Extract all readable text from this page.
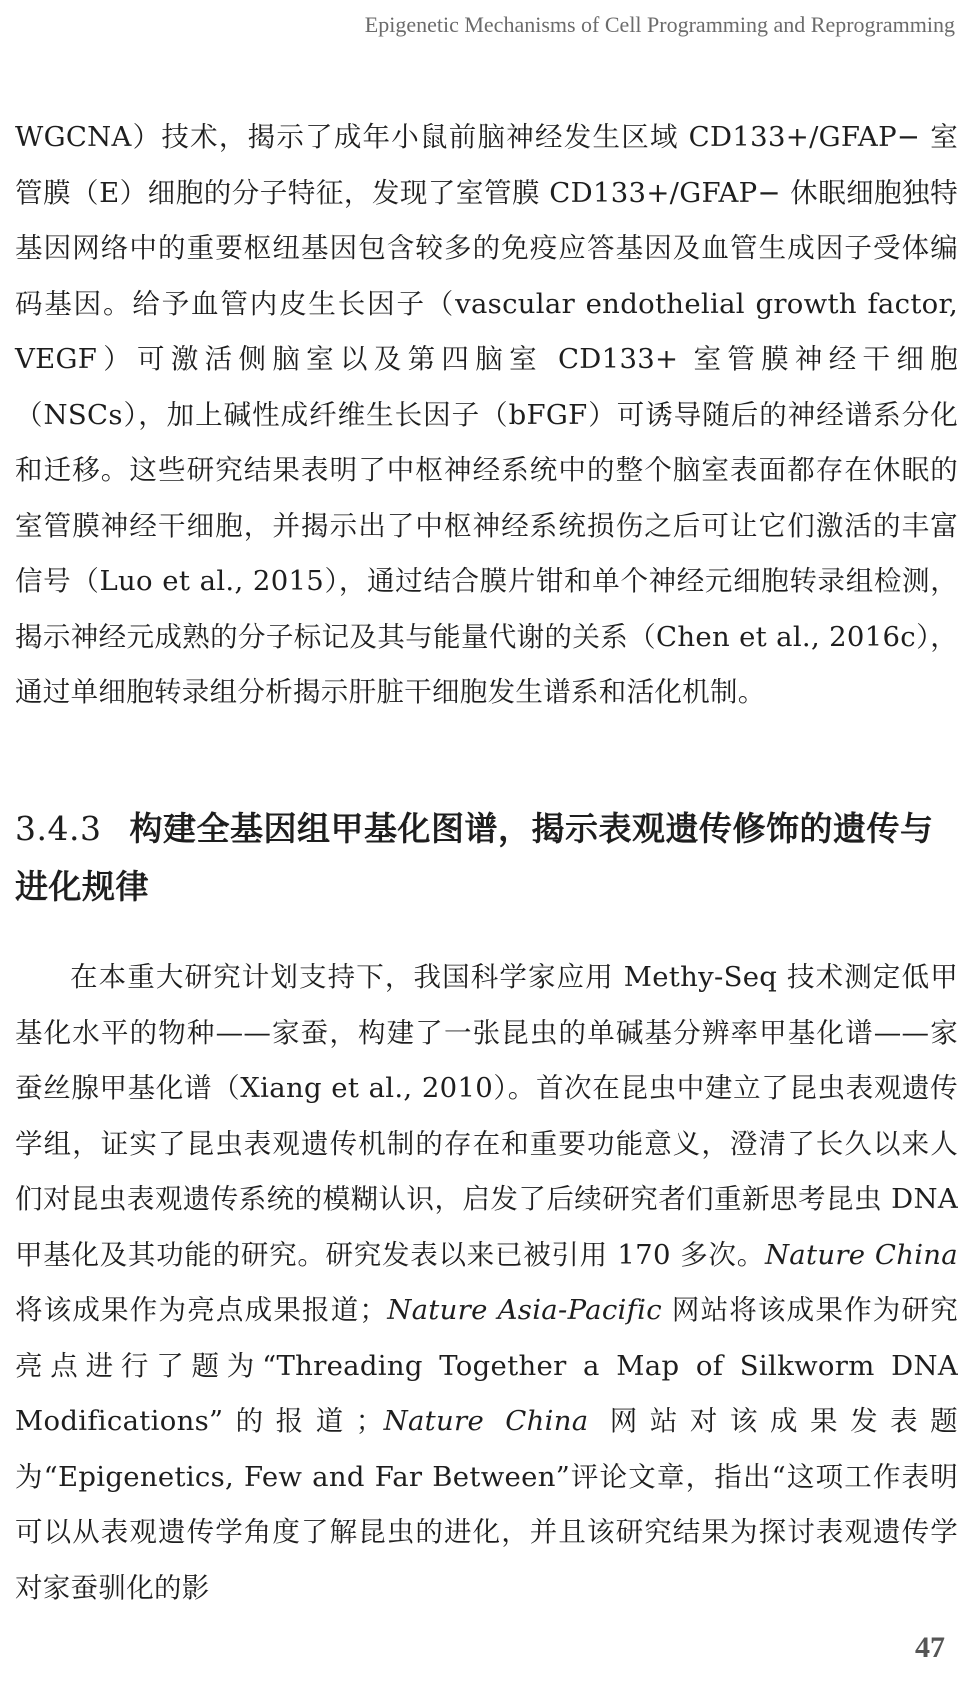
Epigenetic Mechanisms of Cell Programming and Reprogramming

WGCNA）技术，揭示了成年小鼠前脑神经发生区域 CD133+/GFAP− 室管膜（E）细胞的分子特征，发现了室管膜 CD133+/GFAP− 休眠细胞独特基因网络中的重要枢纽基因包含较多的免疫应答基因及血管生成因子受体编码基因。给予血管内皮生长因子（vascular endothelial growth factor, VEGF）可激活侧脑室以及第四脑室 CD133+ 室管膜神经干细胞（NSCs），加上碱性成纤维生长因子（bFGF）可诱导随后的神经谱系分化和迁移。这些研究结果表明了中枢神经系统中的整个脑室表面都存在休眠的室管膜神经干细胞，并揭示出了中枢神经系统损伤之后可让它们激活的丰富信号（Luo et al., 2015），通过结合膜片钳和单个神经元细胞转录组检测，揭示神经元成熟的分子标记及其与能量代谢的关系（Chen et al., 2016c），通过单细胞转录组分析揭示肝脏干细胞发生谱系和活化机制。

3.4.3 构建全基因组甲基化图谱，揭示表观遗传修饰的遗传与进化规律

在本重大研究计划支持下，我国科学家应用 Methy-Seq 技术测定低甲基化水平的物种——家蚕，构建了一张昆虫的单碱基分辨率甲基化谱——家蚕丝腺甲基化谱（Xiang et al., 2010）。首次在昆虫中建立了昆虫表观遗传学组，证实了昆虫表观遗传机制的存在和重要功能意义，澄清了长久以来人们对昆虫表观遗传系统的模糊认识，启发了后续研究者们重新思考昆虫 DNA 甲基化及其功能的研究。研究发表以来已被引用 170 多次。Nature China 将该成果作为亮点成果报道；Nature Asia-Pacific 网站将该成果作为研究亮点进行了题为“Threading Together a Map of Silkworm DNA Modifications”的报道；Nature China 网站对该成果发表题为“Epigenetics, Few and Far Between”评论文章，指出“这项工作表明可以从表观遗传学角度了解昆虫的进化，并且该研究结果为探讨表观遗传学对家蚕驯化的影

47
